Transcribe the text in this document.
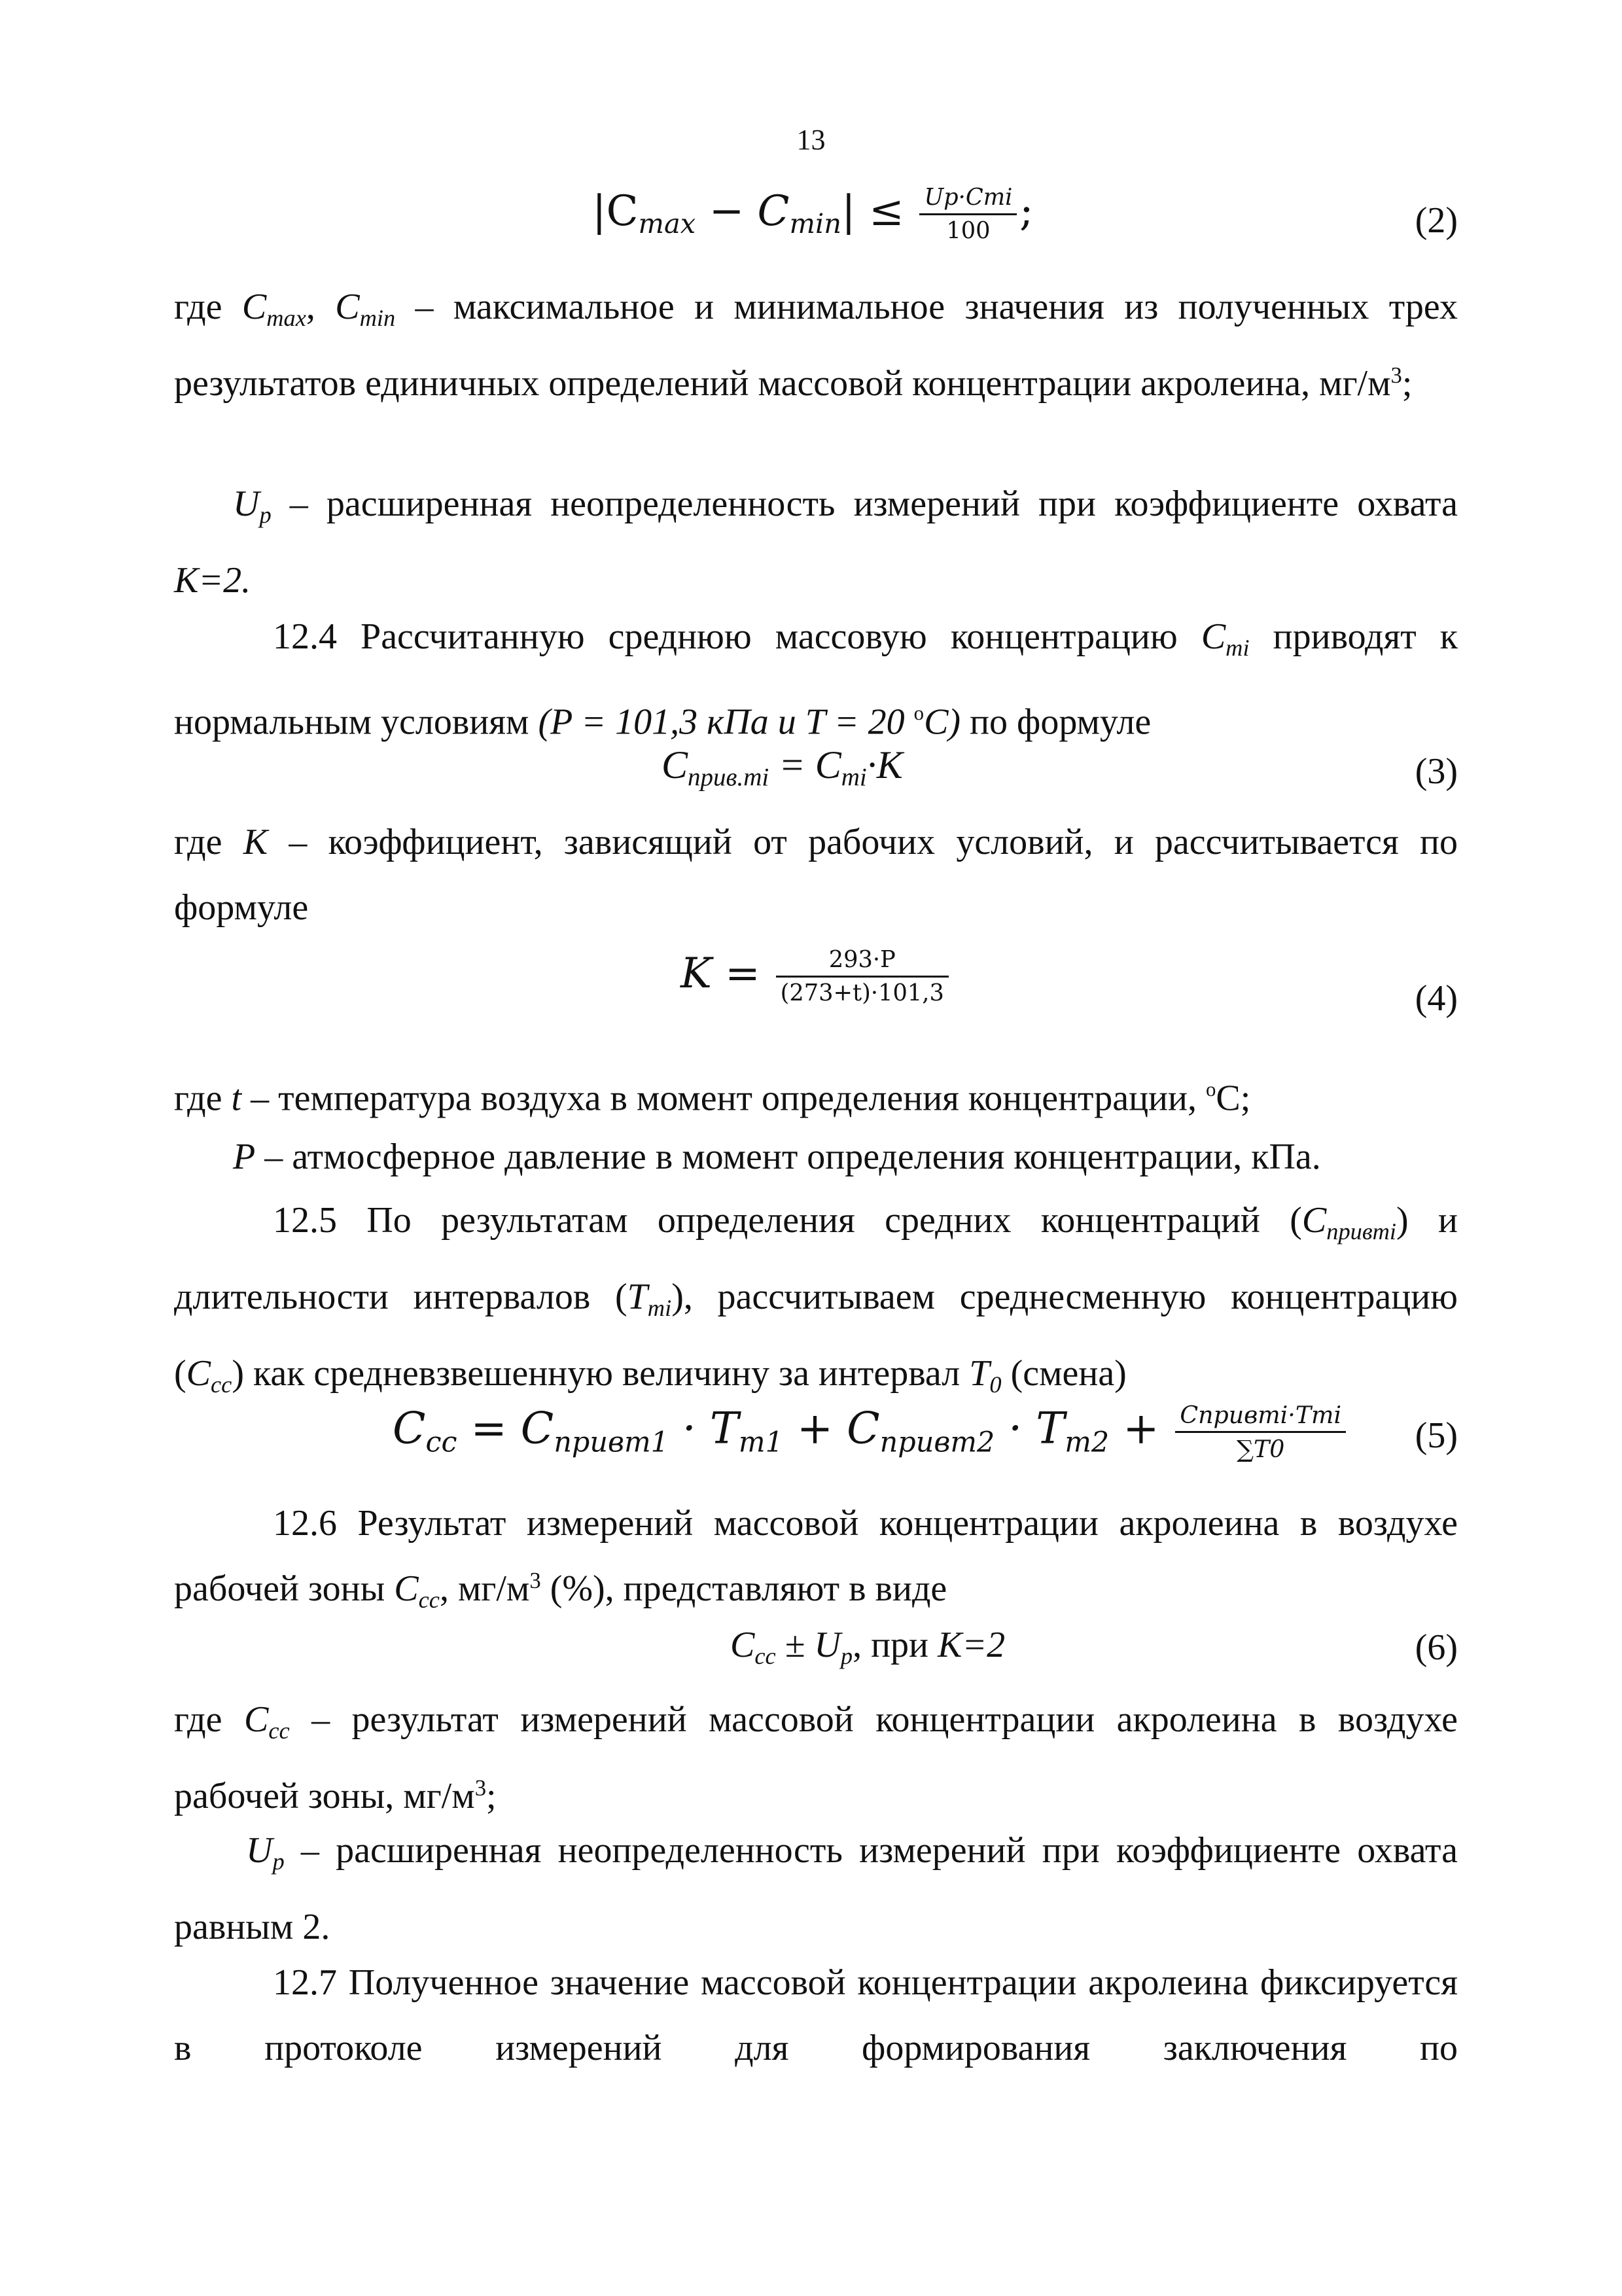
13
$|C_{max} - C_{min}| \le \frac{\text{Up·Cmi}}{100}$ ;	(2)
где $C_{max}$, $C_{min}$ – максимальное и минимальное значения из полученных трех результатов единичных определений массовой концентрации акролеина, $мг/м^3$;
$U_p$ – расширенная неопределенность измерений при коэффициенте охвата K=2.
12.4 Рассчитанную среднюю массовую концентрацию $C_{mi}$ приводят к нормальным условиям (P = 101,3 кПа и T = 20 $^o$C) по формуле
$C_{прив.mi} = C_{mi}\cdot K$	(3)
где K – коэффициент, зависящий от рабочих условий, и рассчитывается по формуле
$K = \frac{293\cdot P}{(273+t)\cdot 101,3}$	(4)
где t – температура воздуха в момент определения концентрации, $^o$C;
P – атмосферное давление в момент определения концентрации, кПа.
12.5 По результатам определения средних концентраций $(C_{привmi})$ и длительности интервалов $(T_{mi})$, рассчитываем среднесменную концентрацию $(C_{cc})$ как средневзвешенную величину за интервал $T_0$ (смена)
$C_{cc} = C_{привm1} \cdot T_{m1} + C_{привm2} \cdot T_{m2} + \frac{\text{Cпривmi·Tmi}}{\sum T0} (5)$
12.6 Результат измерений массовой концентрации акролеина в воздухе рабочей зоны $C_{cc}$, $мг/м^3$ (%), представляют в виде
$C_{cc} \pm U_p$, при K=2	(6)
где $C_{cc}$ – результат измерений массовой концентрации акролеина в воздухе рабочей зоны, $мг/м^3$;
$U_p$ – расширенная неопределенность измерений при коэффициенте охвата равным 2.
12.7 Полученное значение массовой концентрации акролеина фиксируется в протоколе измерений для формирования заключения по
